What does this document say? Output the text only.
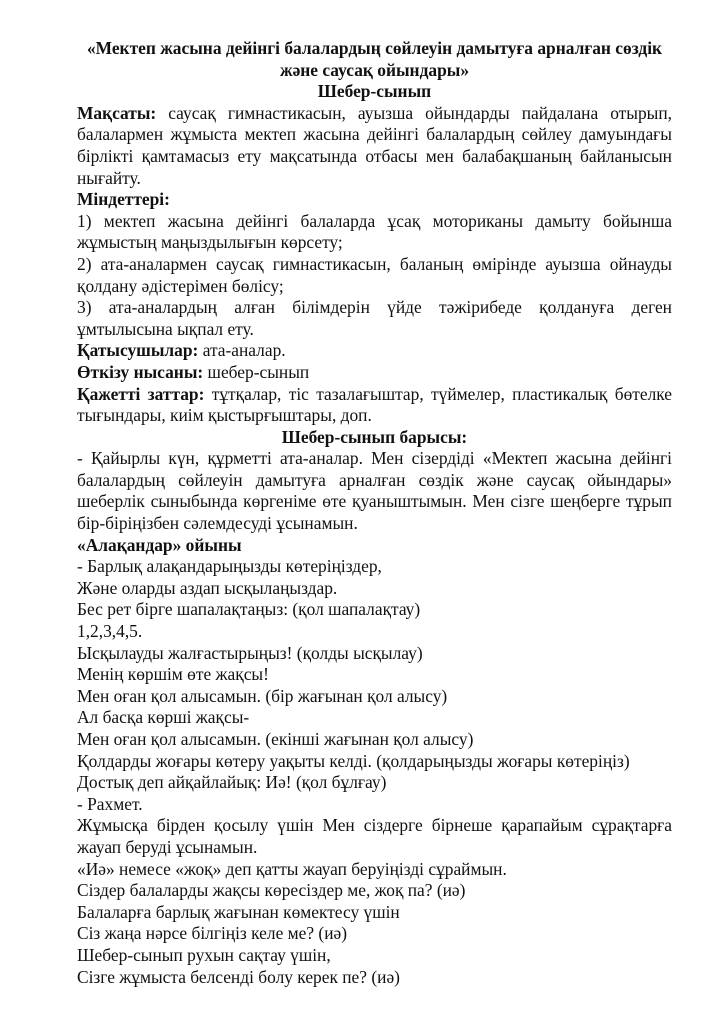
«Мектеп жасына дейінгі балалардың сөйлеуін дамытуға арналған сөздік

және саусақ ойындары»

Шебер-сынып

Мақсаты: саусақ гимнастикасын, ауызша ойындарды пайдалана отырып, балалармен жұмыста мектеп жасына дейінгі балалардың сөйлеу дамуындағы бірлікті қамтамасыз ету мақсатында отбасы мен балабақшаның байланысын нығайту.

Міндеттері:

1) мектеп жасына дейінгі балаларда ұсақ моториканы дамыту бойынша жұмыстың маңыздылығын көрсету;

2) ата-аналармен саусақ гимнастикасын, баланың өмірінде ауызша ойнауды қолдану әдістерімен бөлісу;

3) ата-аналардың алған білімдерін үйде тәжірибеде қолдануға деген ұмтылысына ықпал ету.

Қатысушылар: ата-аналар.

Өткізу нысаны: шебер-сынып

Қажетті заттар: тұтқалар, тіс тазалағыштар, түймелер, пластикалық бөтелке тығындары, киім қыстырғыштары, доп.

Шебер-сынып барысы:

- Қайырлы күн, құрметті ата-аналар. Мен сізердіді «Мектеп жасына дейінгі балалардың сөйлеуін дамытуға арналған сөздік және саусақ ойындары» шеберлік сыныбында көргеніме өте қуаныштымын. Мен сізге шеңберге тұрып бір-біріңізбен сәлемдесуді ұсынамын.

«Алақандар» ойыны

- Барлық алақандарыңызды көтеріңіздер,

Және оларды аздап ысқылаңыздар.

Бес рет бірге шапалақтаңыз: (қол шапалақтау)

1,2,3,4,5.

Ысқылауды жалғастырыңыз! (қолды ысқылау)

Менің көршім өте жақсы!

Мен оған қол алысамын. (бір жағынан қол алысу)

Ал басқа көрші жақсы-

Мен оған қол алысамын. (екінші жағынан қол алысу)

Қолдарды жоғары көтеру уақыты келді. (қолдарыңызды жоғары көтеріңіз)

Достық деп айқайлайық: Иә! (қол бұлғау)

- Рахмет.

Жұмысқа бірден қосылу үшін Мен сіздерге бірнеше қарапайым сұрақтарға жауап беруді ұсынамын.

«Иә» немесе «жоқ» деп қатты жауап беруіңізді сұраймын.

Сіздер балаларды жақсы көресіздер ме, жоқ па? (иә)

Балаларға барлық жағынан көмектесу үшін

Сіз жаңа нәрсе білгіңіз келе ме? (иә)

Шебер-сынып рухын сақтау үшін,

Сізге жұмыста белсенді болу керек пе? (иә)
